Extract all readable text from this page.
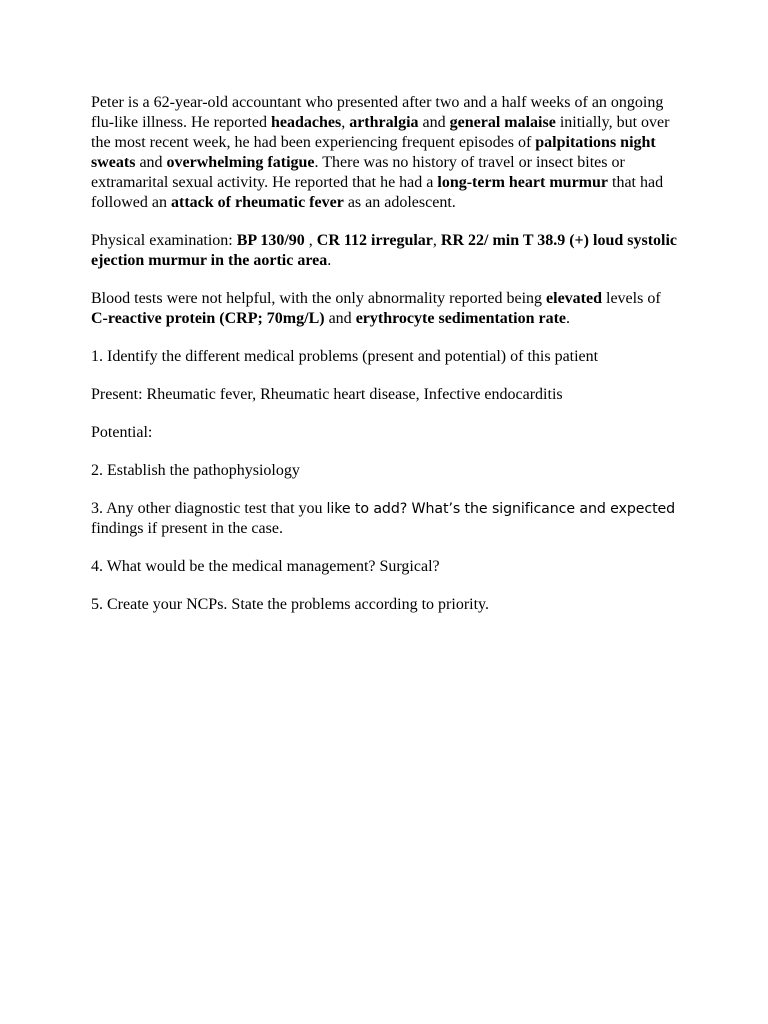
Peter is a 62-year-old accountant who presented after two and a half weeks of an ongoing flu-like illness. He reported headaches, arthralgia and general malaise initially, but over the most recent week, he had been experiencing frequent episodes of palpitations night sweats and overwhelming fatigue. There was no history of travel or insect bites or extramarital sexual activity. He reported that he had a long-term heart murmur that had followed an attack of rheumatic fever as an adolescent.

Physical examination: BP 130/90 , CR 112 irregular, RR 22/ min T 38.9 (+) loud systolic ejection murmur in the aortic area.

Blood tests were not helpful, with the only abnormality reported being elevated levels of C-reactive protein (CRP; 70mg/L) and erythrocyte sedimentation rate.

1. Identify the different medical problems (present and potential) of this patient

Present: Rheumatic fever, Rheumatic heart disease, Infective endocarditis

Potential:

2. Establish the pathophysiology

3. Any other diagnostic test that you like to add? What’s the significance and expected findings if present in the case.

4. What would be the medical management? Surgical?

5. Create your NCPs. State the problems according to priority.
